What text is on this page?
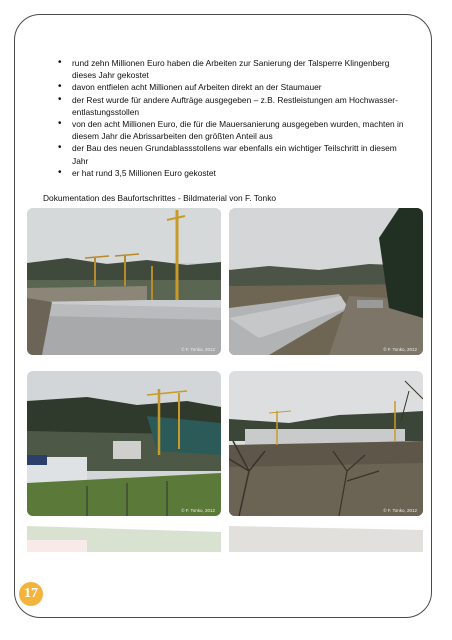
• rund zehn Millionen Euro haben die Arbeiten zur Sanierung der Talsperre Klingenberg dieses Jahr gekostet
• davon entfielen acht Millionen auf Arbeiten direkt an der Staumauer
• der Rest wurde für andere Aufträge ausgegeben – z.B. Restleistungen am Hochwasser-entlastungsstollen
• von den acht Millionen Euro, die für die Mauersanierung ausgegeben wurden, machten in diesem Jahr die Abrissarbeiten den größten Anteil aus
• der Bau des neuen Grundablassstollens war ebenfalls ein wichtiger Teilschritt in diesem Jahr
• er hat rund 3,5 Millionen Euro gekostet
Dokumentation des Baufortschrittes - Bildmaterial von F. Tonko
© F. Tonko, 2012	© F. Tonko, 2012
© F. Tonko, 2012	© F. Tonko, 2012
17
